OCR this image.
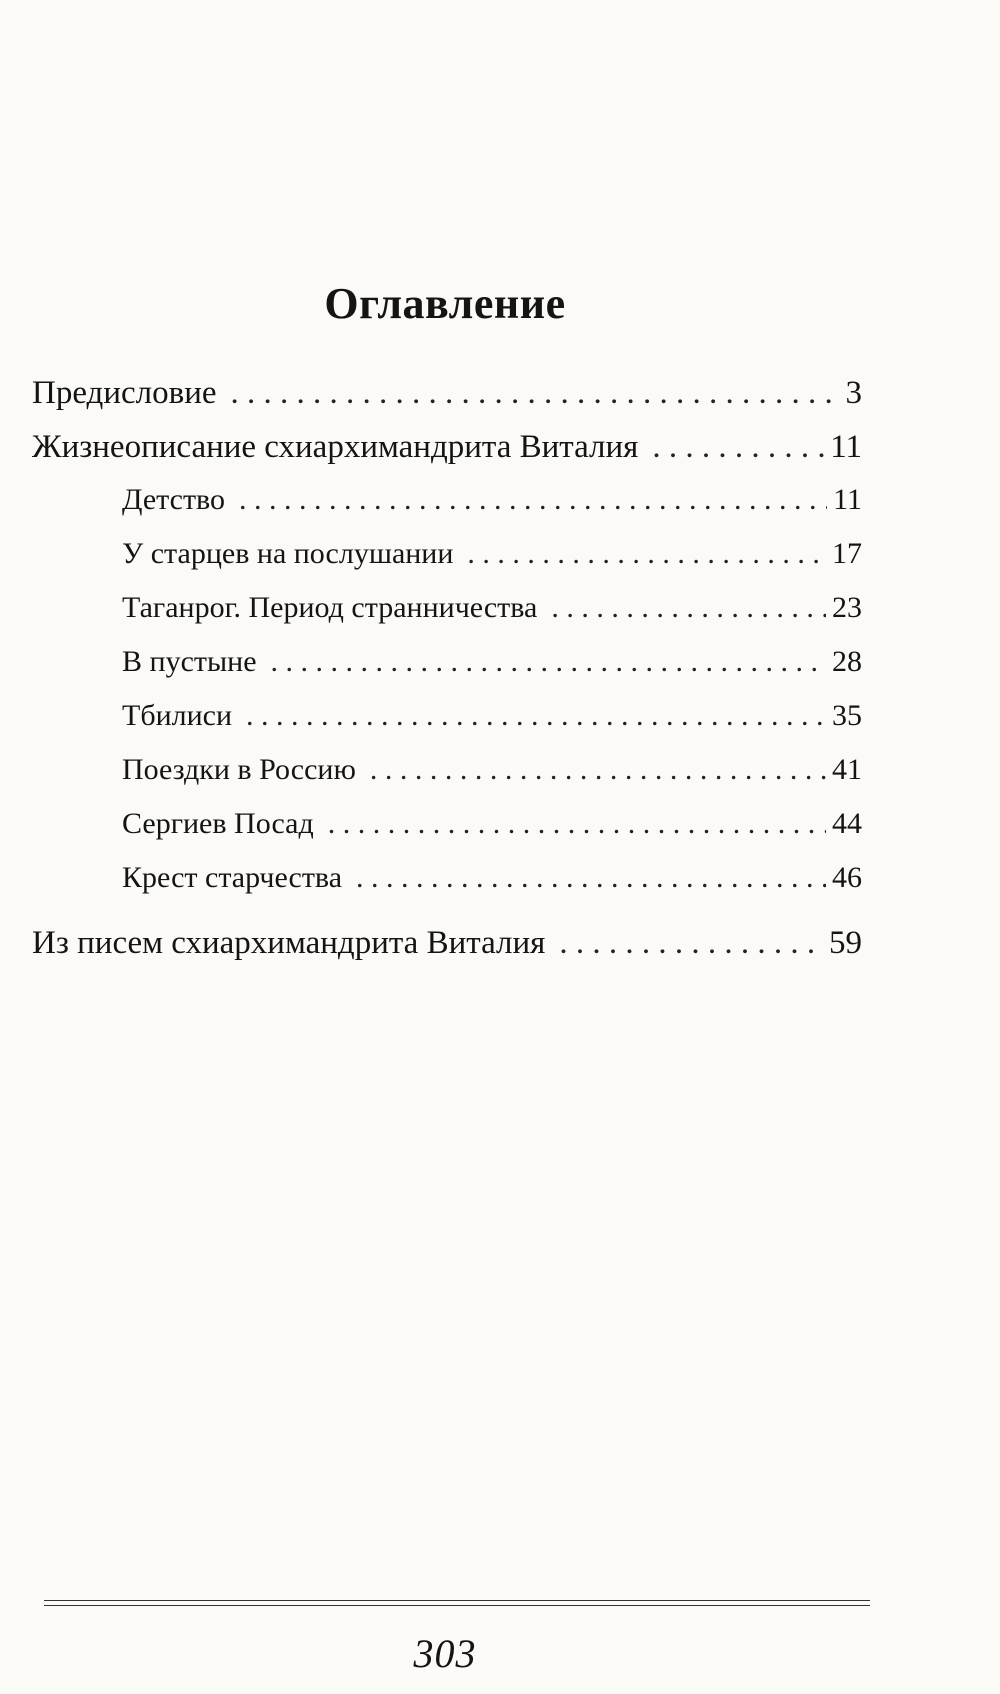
Оглавление
Предисловие . . .	3
Жизнеописание схиархимандрита Виталия . . .	11
Детство . . .	11
У старцев на послушании . . .	17
Таганрог. Период странничества . . .	23
В пустыне . . .	28
Тбилиси . . .	35
Поездки в Россию . . .	41
Сергиев Посад . . .	44
Крест старчества . . .	46
Из писем схиархимандрита Виталия . . .	59
303
